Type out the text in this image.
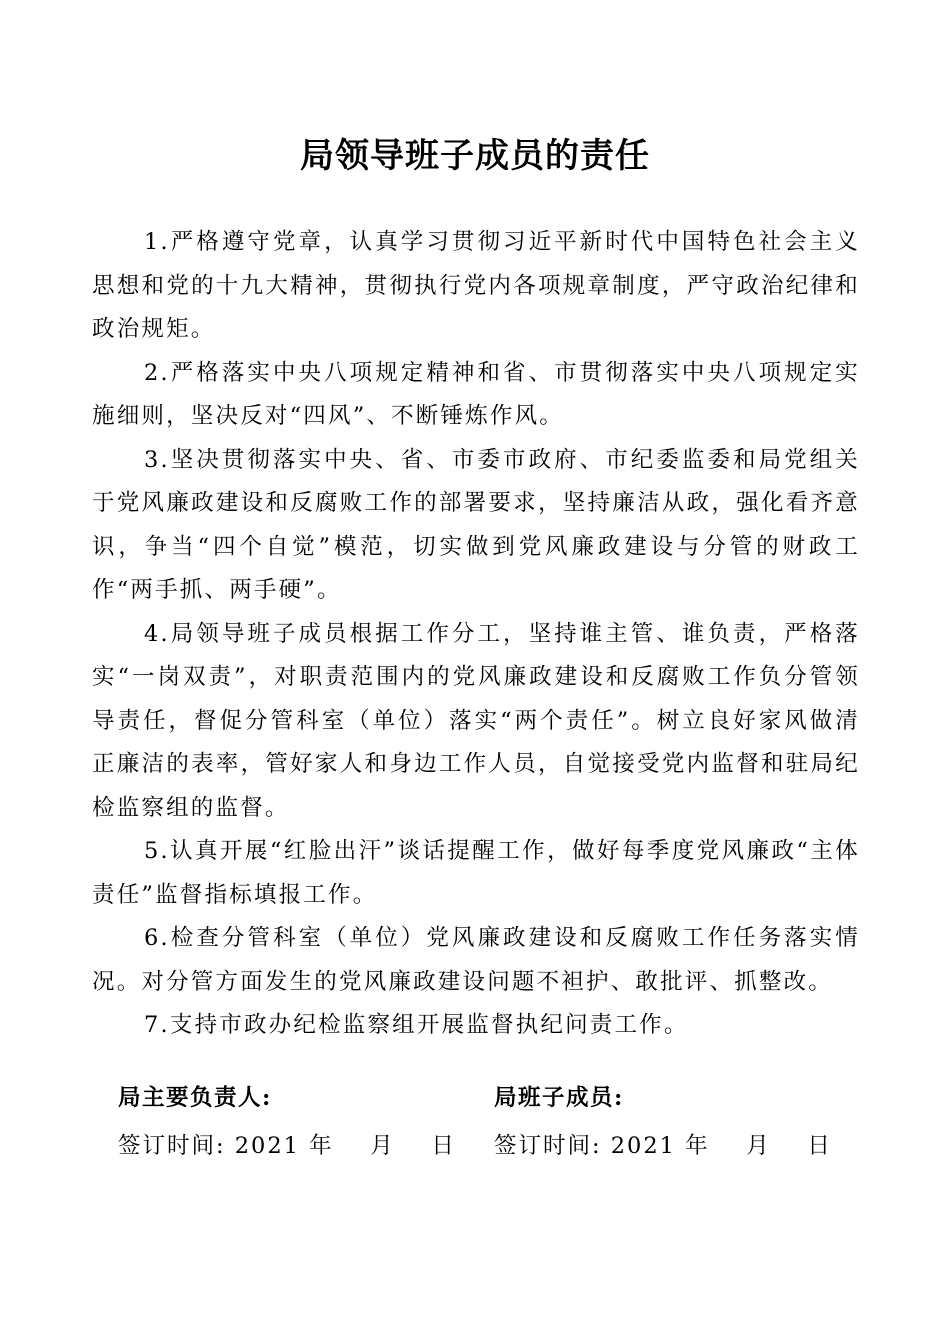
局领导班子成员的责任

1.严格遵守党章，认真学习贯彻习近平新时代中国特色社会主义思想和党的十九大精神，贯彻执行党内各项规章制度，严守政治纪律和政治规矩。

2.严格落实中央八项规定精神和省、市贯彻落实中央八项规定实施细则，坚决反对“四风”、不断锤炼作风。

3.坚决贯彻落实中央、省、市委市政府、市纪委监委和局党组关于党风廉政建设和反腐败工作的部署要求，坚持廉洁从政，强化看齐意识，争当“四个自觉”模范，切实做到党风廉政建设与分管的财政工作“两手抓、两手硬”。

4.局领导班子成员根据工作分工，坚持谁主管、谁负责，严格落实“一岗双责”，对职责范围内的党风廉政建设和反腐败工作负分管领导责任，督促分管科室（单位）落实“两个责任”。树立良好家风做清正廉洁的表率，管好家人和身边工作人员，自觉接受党内监督和驻局纪检监察组的监督。

5.认真开展“红脸出汗”谈话提醒工作，做好每季度党风廉政“主体责任”监督指标填报工作。

6.检查分管科室（单位）党风廉政建设和反腐败工作任务落实情况。对分管方面发生的党风廉政建设问题不袒护、敢批评、抓整改。

7.支持市政办纪检监察组开展监督执纪问责工作。

局主要负责人:
签订时间: 2021 年    月    日
局班子成员:
签订时间: 2021 年    月    日
